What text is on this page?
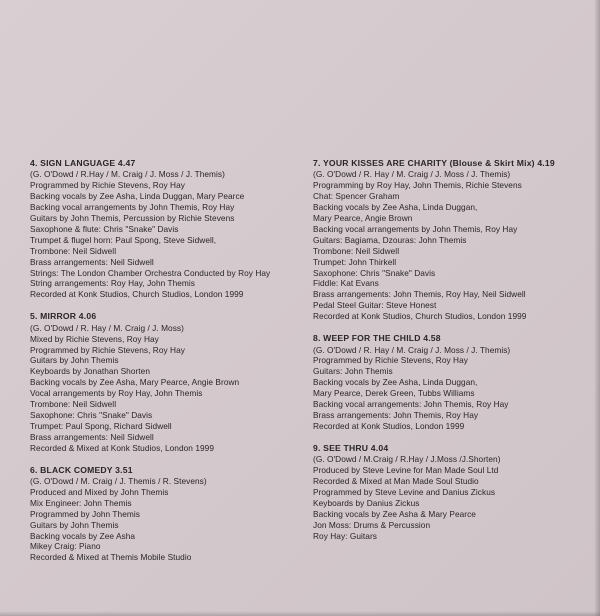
4. SIGN LANGUAGE 4.47
(G. O'Dowd / R.Hay / M. Craig / J. Moss / J. Themis)
Programmed by Richie Stevens, Roy Hay
Backing vocals by Zee Asha, Linda Duggan, Mary Pearce
Backing vocal arrangements by John Themis, Roy Hay
Guitars by John Themis, Percussion by Richie Stevens
Saxophone & flute: Chris "Snake" Davis
Trumpet & flugel horn: Paul Spong, Steve Sidwell,
Trombone: Neil Sidwell
Brass arrangements: Neil Sidwell
Strings: The London Chamber Orchestra Conducted by Roy Hay
String arrangements: Roy Hay, John Themis
Recorded at Konk Studios, Church Studios, London 1999
5. MIRROR 4.06
(G. O'Dowd / R. Hay / M. Craig / J. Moss)
Mixed by Richie Stevens, Roy Hay
Programmed by Richie Stevens, Roy Hay
Guitars by John Themis
Keyboards by Jonathan Shorten
Backing vocals by Zee Asha, Mary Pearce, Angie Brown
Vocal arrangements by Roy Hay, John Themis
Trombone: Neil Sidwell
Saxophone: Chris "Snake" Davis
Trumpet: Paul Spong, Richard Sidwell
Brass arrangements: Neil Sidwell
Recorded & Mixed at Konk Studios, London 1999
6. BLACK COMEDY 3.51
(G. O'Dowd / M. Craig / J. Themis / R. Stevens)
Produced and Mixed by John Themis
Mix Engineer: John Themis
Programmed by John Themis
Guitars by John Themis
Backing vocals by Zee Asha
Mikey Craig: Piano
Recorded & Mixed at Themis Mobile Studio
7. YOUR KISSES ARE CHARITY (Blouse & Skirt Mix) 4.19
(G. O'Dowd / R. Hay / M. Craig / J. Moss / J. Themis)
Programming by Roy Hay, John Themis, Richie Stevens
Chat: Spencer Graham
Backing vocals by Zee Asha, Linda Duggan,
Mary Pearce, Angie Brown
Backing vocal arrangements by John Themis, Roy Hay
Guitars: Bagiama, Dzouras: John Themis
Trombone: Neil Sidwell
Trumpet: John Thirkell
Saxophone: Chris "Snake" Davis
Fiddle: Kat Evans
Brass arrangements: John Themis, Roy Hay, Neil Sidwell
Pedal Steel Guitar: Steve Honest
Recorded at Konk Studios, Church Studios, London 1999
8. WEEP FOR THE CHILD 4.58
(G. O'Dowd / R. Hay / M. Craig / J. Moss / J. Themis)
Programmed by Richie Stevens, Roy Hay
Guitars: John Themis
Backing vocals by Zee Asha, Linda Duggan,
Mary Pearce, Derek Green, Tubbs Williams
Backing vocal arrangements: John Themis, Roy Hay
Brass arrangements: John Themis, Roy Hay
Recorded at Konk Studios, London 1999
9. SEE THRU 4.04
(G. O'Dowd / M.Craig / R.Hay / J.Moss /J.Shorten)
Produced by Steve Levine for Man Made Soul Ltd
Recorded & Mixed at Man Made Soul Studio
Programmed by Steve Levine and Danius Zickus
Keyboards by Danius Zickus
Backing vocals by Zee Asha & Mary Pearce
Jon Moss: Drums & Percussion
Roy Hay: Guitars
